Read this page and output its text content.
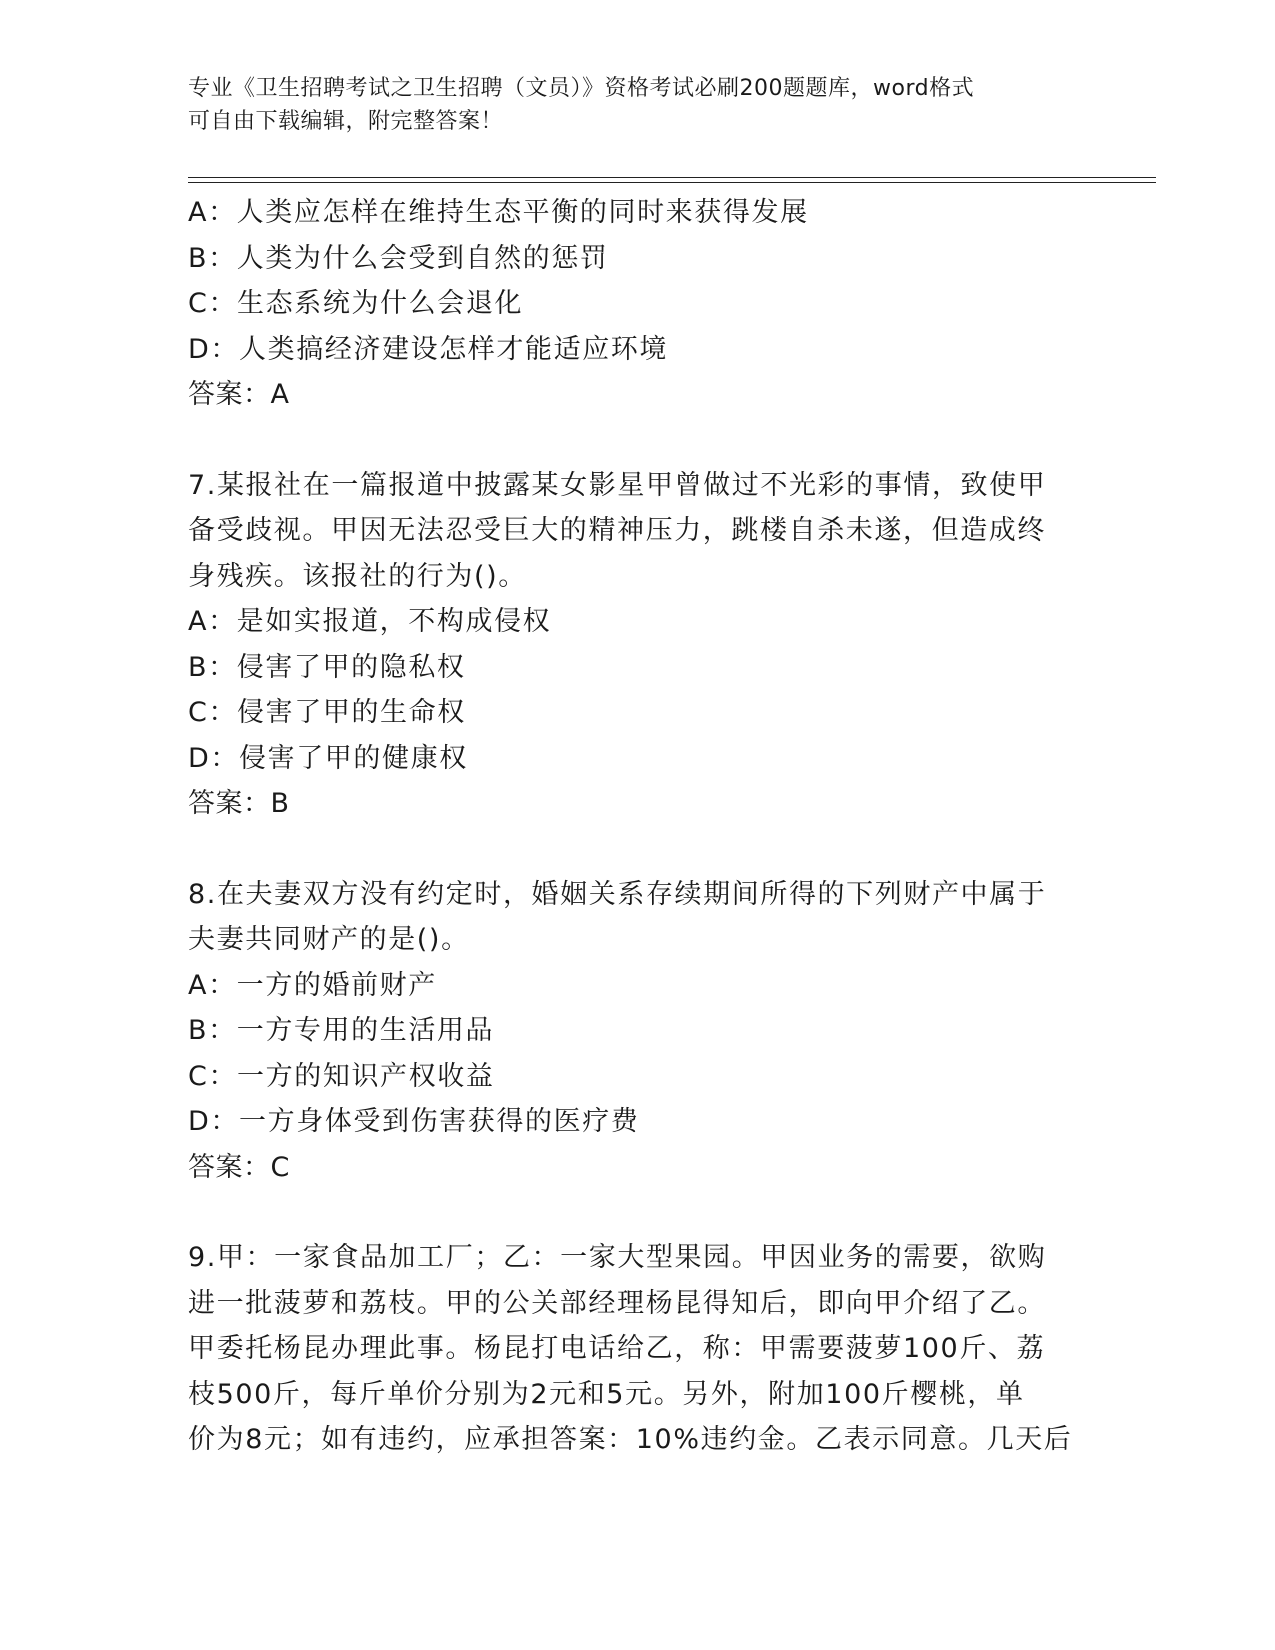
专业《卫生招聘考试之卫生招聘（文员）》资格考试必刷200题题库，word格式
可自由下载编辑，附完整答案！
A：人类应怎样在维持生态平衡的同时来获得发展
B：人类为什么会受到自然的惩罚
C：生态系统为什么会退化
D：人类搞经济建设怎样才能适应环境
答案：A
7.某报社在一篇报道中披露某女影星甲曾做过不光彩的事情，致使甲
备受歧视。甲因无法忍受巨大的精神压力，跳楼自杀未遂，但造成终
身残疾。该报社的行为()。
A：是如实报道，不构成侵权
B：侵害了甲的隐私权
C：侵害了甲的生命权
D：侵害了甲的健康权
答案：B
8.在夫妻双方没有约定时，婚姻关系存续期间所得的下列财产中属于
夫妻共同财产的是()。
A：一方的婚前财产
B：一方专用的生活用品
C：一方的知识产权收益
D：一方身体受到伤害获得的医疗费
答案：C
9.甲：一家食品加工厂；乙：一家大型果园。甲因业务的需要，欲购
进一批菠萝和荔枝。甲的公关部经理杨昆得知后，即向甲介绍了乙。
甲委托杨昆办理此事。杨昆打电话给乙，称：甲需要菠萝100斤、荔
枝500斤，每斤单价分别为2元和5元。另外，附加100斤樱桃，单
价为8元；如有违约，应承担答案：10%违约金。乙表示同意。几天后
